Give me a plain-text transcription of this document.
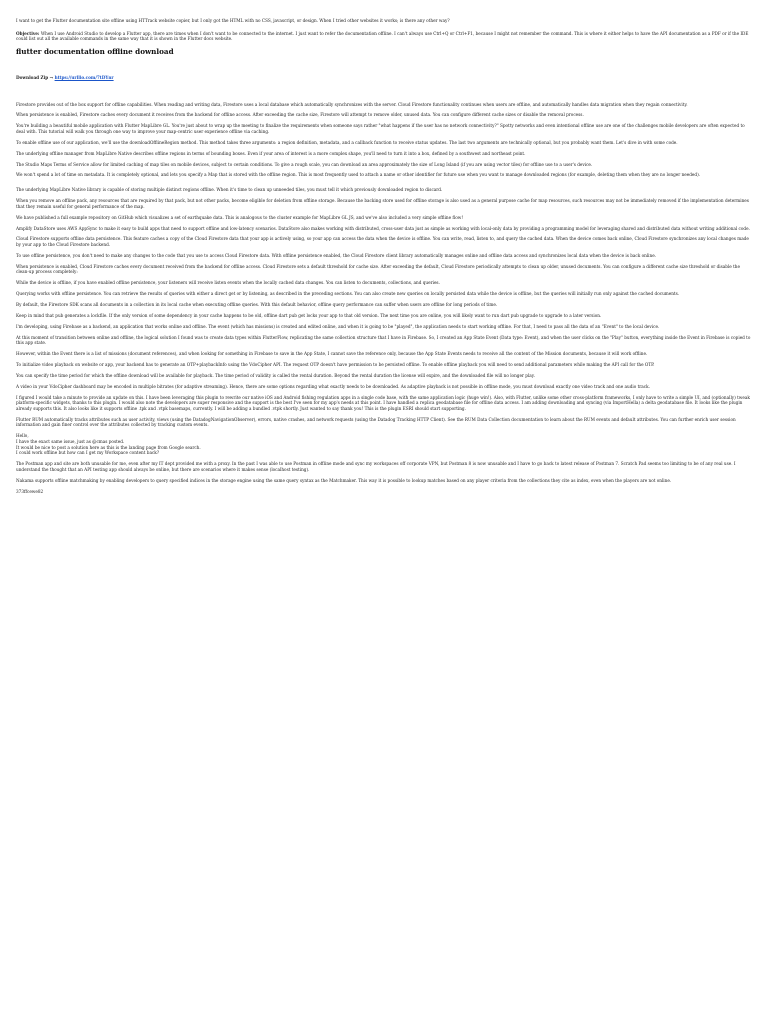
I want to get the Flutter documentation site offline using HTTrack website copier, but I only got the HTML with no CSS, javascript, or design. When I tried other websites it works; is there any other way?

Objective: When I use Android Studio to develop a Flutter app, there are times when I don't want to be connected to the internet. I just want to refer the documentation offline. I can't always use Ctrl+Q or Ctrl+F1, because I might not remember the command. This is where it either helps to have the API documentation as a PDF or if the IDE could list out all the available commands in the same way that it is shown in the Flutter docs website.

flutter documentation offline download
Download Zip → https://urllio.com/7tDYnr

Firestore provides out of the box support for offline capabilities. When reading and writing data, Firestore uses a local database which automatically synchronizes with the server. Cloud Firestore functionality continues when users are offline, and automatically handles data migration when they regain connectivity.

When persistence is enabled, Firestore caches every document it receives from the backend for offline access. After exceeding the cache size, Firestore will attempt to remove older, unused data. You can configure different cache sizes or disable the removal process.

You're building a beautiful mobile application with Flutter MapLibre GL. You're just about to wrap up the meeting to finalize the requirements when someone says rather "what happens if the user has no network connectivity?" Spotty networks and even intentional offline use are one of the challenges mobile developers are often expected to deal with. This tutorial will walk you through one way to improve your map-centric user experience offline via caching.

To enable offline use of our application, we'll use the downloadOfflineRegion method. This method takes three arguments: a region definition, metadata, and a callback function to receive status updates. The last two arguments are technically optional, but you probably want them. Let's dive in with some code.

The underlying offline manager from MapLibre Native describes offline regions in terms of bounding boxes. Even if your area of interest is a more complex shape, you'll need to turn it into a box, defined by a southwest and northeast point.

The Studio Maps Terms of Service allow for limited caching of map tiles on mobile devices, subject to certain conditions. To give a rough scale, you can download an area approximately the size of Long Island (if you are using vector tiles) for offline use to a user's device.

We won't spend a lot of time on metadata. It is completely optional, and lets you specify a Map that is stored with the offline region. This is most frequently used to attach a name or other identifier for future use when you want to manage downloaded regions (for example, deleting them when they are no longer needed).

The underlying MapLibre Native library is capable of storing multiple distinct regions offline. When it's time to clean up unneeded tiles, you must tell it which previously downloaded region to discard.

When you remove an offline pack, any resources that are required by that pack, but not other packs, become eligible for deletion from offline storage. Because the backing store used for offline storage is also used as a general purpose cache for map resources, such resources may not be immediately removed if the implementation determines that they remain useful for general performance of the map.

We have published a full example repository on GitHub which visualizes a set of earthquake data. This is analogous to the cluster example for MapLibre GL JS, and we've also included a very simple offline flow!

Amplify DataStore uses AWS AppSync to make it easy to build apps that need to support offline and low-latency scenarios. DataStore also makes working with distributed, cross-user data just as simple as working with local-only data by providing a programming model for leveraging shared and distributed data without writing additional code.

Cloud Firestore supports offline data persistence. This feature caches a copy of the Cloud Firestore data that your app is actively using, so your app can access the data when the device is offline. You can write, read, listen to, and query the cached data. When the device comes back online, Cloud Firestore synchronizes any local changes made by your app to the Cloud Firestore backend.

To use offline persistence, you don't need to make any changes to the code that you use to access Cloud Firestore data. With offline persistence enabled, the Cloud Firestore client library automatically manages online and offline data access and synchronizes local data when the device is back online.

When persistence is enabled, Cloud Firestore caches every document received from the backend for offline access. Cloud Firestore sets a default threshold for cache size. After exceeding the default, Cloud Firestore periodically attempts to clean up older, unused documents. You can configure a different cache size threshold or disable the clean-up process completely:

While the device is offline, if you have enabled offline persistence, your listeners will receive listen events when the locally cached data changes. You can listen to documents, collections, and queries.

Querying works with offline persistence. You can retrieve the results of queries with either a direct get or by listening, as described in the preceding sections. You can also create new queries on locally persisted data while the device is offline, but the queries will initially run only against the cached documents.

By default, the Firestore SDK scans all documents in a collection in its local cache when executing offline queries. With this default behavior, offline query performance can suffer when users are offline for long periods of time.

Keep in mind that pub generates a lockfile. If the only version of some dependency in your cache happens to be old, offline dart pub get locks your app to that old version. The next time you are online, you will likely want to run dart pub upgrade to upgrade to a later version.

I'm developing, using Firebase as a backend, an application that works online and offline. The event (which has missions) is created and edited online, and when it is going to be "played", the application needs to start working offline. For that, I need to pass all the data of an "Event" to the local device.

At this moment of transition between online and offline, the logical solution I found was to create data types within FlutterFlow, replicating the same collection structure that I have in Firebase. So, I created an App State Event (Data type: Event), and when the user clicks on the "Play" button, everything inside the Event in Firebase is copied to this app state.

However, within the Event there is a list of missions (document references), and when looking for something in Firebase to save in the App State, I cannot save the reference only, because the App State Events needs to receive all the content of the Mission documents, because it will work offline.

To initialize video playback on website or app, your backend has to generate an OTP+playbackInfo using the VdoCipher API. The request OTP doesn't have permission to be persisted offline. To enable offline playback you will need to send additional parameters while making the API call for the OTP.

You can specify the time period for which the offline download will be available for playback. The time period of validity is called the rental duration. Beyond the rental duration the license will expire, and the downloaded file will no longer play.

A video in your VdoCipher dashboard may be encoded in multiple bitrates (for adaptive streaming). Hence, there are some options regarding what exactly needs to be downloaded. As adaptive playback is not possible in offline mode, you must download exactly one video track and one audio track.

I figured I would take a minute to provide an update on this. I have been leveraging this plugin to rewrite our native iOS and Android fishing regulation apps in a single code base, with the same application logic (huge win!). Also, with Flutter, unlike some other cross-platform frameworks, I only have to write a simple UI, and (optionally) tweak platform-specific widgets, thanks to this plugin. I would also note the developers are super responsive and the support is the best I've seen for my app's needs at this point. I have handled a replica geodatabase file for offline data access. I am adding downloading and syncing (via ImportHella) a delta geodatabase file. It looks like the plugin already supports this. It also looks like it supports offline .tpk and .vtpk basemaps, currently. I will be adding a bundled .vtpk shortly. Just wanted to say thank you! This is the plugin ESRI should start supporting.

Flutter RUM automatically tracks attributes such as user activity, views (using the DatadogNavigationObserver), errors, native crashes, and network requests (using the Datadog Tracking HTTP Client). See the RUM Data Collection documentation to learn about the RUM events and default attributes. You can further enrich user session information and gain finer control over the attributes collected by tracking custom events.

Hello,
I have the exact same issue, just as @cmas posted.
It would be nice to post a solution here as this is the landing page from Google search.
I could work offline but how can I get my Workspace content back?

The Postman app and site are both unusable for me, even after my IT dept provided me with a proxy. In the past I was able to use Postman in offline mode and sync my workspaces off corporate VPN, but Postman 8 is now unusable and I have to go back to latest release of Postman 7. Scratch Pad seems too limiting to be of any real use. I understand the thought that an API testing app should always be online, but there are scenarios where it makes sense (localhost testing).

Nakama supports offline matchmaking by enabling developers to query specified indices in the storage engine using the same query syntax as the Matchmaker. This way it is possible to lookup matches based on any player criteria from the collections they cite as index, even when the players are not online.

373ffcewe82
